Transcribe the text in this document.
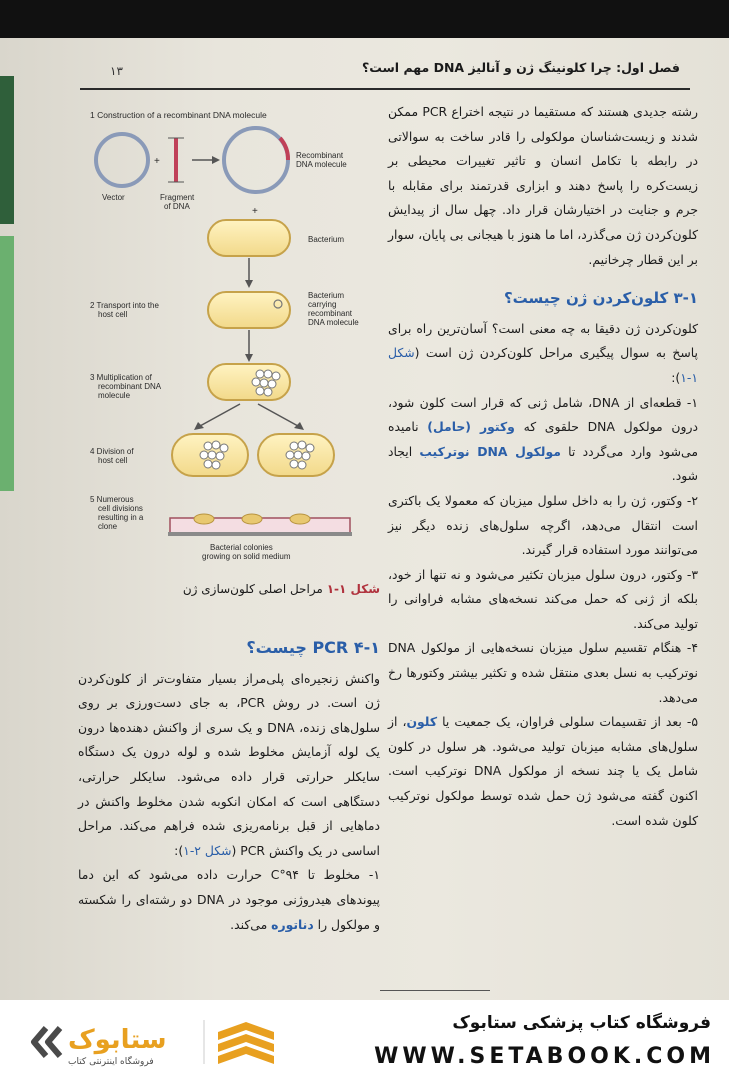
فصل اول: چرا کلونینگ ژن و آنالیز DNA مهم است؟
۱۳
1 Construction of a recombinant DNA molecule
+
Vector	Fragment of DNA
Recombinant DNA molecule
+
Bacterium
2 Transport into the host cell
Bacterium carrying recombinant DNA molecule
3 Multiplication of recombinant DNA molecule
4 Division of host cell
5 Numerous cell divisions resulting in a clone
Bacterial colonies growing on solid medium
شکل ۱-۱ مراحل اصلی کلون‌سازی ژن

رشته جدیدی هستند که مستقیما در نتیجه اختراع PCR ممکن شدند و زیست‌شناسان مولکولی را قادر ساخت به سوالاتی در رابطه با تکامل انسان و تاثیر تغییرات محیطی بر زیست‌کره را پاسخ دهند و ابزاری قدرتمند برای مقابله با جرم و جنایت در اختیارشان قرار داد. چهل سال از پیدایش کلون‌کردن ژن می‌گذرد، اما ما هنوز با هیجانی بی پایان، سوار بر این قطار چرخانیم.

۳-۱ کلون‌کردن ژن چیست؟

کلون‌کردن ژن دقیقا به چه معنی است؟ آسان‌ترین راه برای پاسخ به سوال پیگیری مراحل کلون‌کردن ژن است (شکل ۱-۱):

۱- قطعه‌ای از DNA، شامل ژنی که قرار است کلون شود، درون مولکول DNA حلقوی که وکتور (حامل) نامیده می‌شود وارد می‌گردد تا مولکول DNA نوترکیب ایجاد شود.

۲- وکتور، ژن را به داخل سلول میزبان که معمولا یک باکتری است انتقال می‌دهد، اگرچه سلول‌های زنده دیگر نیز می‌توانند مورد استفاده قرار گیرند.

۳- وکتور، درون سلول میزبان تکثیر می‌شود و نه تنها از خود، بلکه از ژنی که حمل می‌کند نسخه‌های مشابه فراوانی را تولید می‌کند.

۴- هنگام تقسیم سلول میزبان نسخه‌هایی از مولکول DNA نوترکیب به نسل بعدی منتقل شده و تکثیر بیشتر وکتورها رخ می‌دهد.

۵- بعد از تقسیمات سلولی فراوان، یک جمعیت یا کلون، از سلول‌های مشابه میزبان تولید می‌شود. هر سلول در کلون شامل یک یا چند نسخه از مولکول DNA نوترکیب است. اکنون گفته می‌شود ژن حمل شده توسط مولکول نوترکیب کلون شده است.

۴-۱ PCR چیست؟

واکنش زنجیره‌ای پلی‌مراز بسیار متفاوت‌تر از کلون‌کردن ژن است. در روش PCR، به جای دست‌ورزی بر روی سلول‌های زنده، DNA و یک سری از واکنش دهنده‌ها درون یک لوله آزمایش مخلوط شده و لوله درون یک دستگاه سایکلر حرارتی قرار داده می‌شود. سایکلر حرارتی، دستگاهی است که امکان انکوبه شدن مخلوط واکنش در دماهایی از قبل برنامه‌ریزی شده فراهم می‌کند. مراحل اساسی در یک واکنش PCR (شکل ۲-۱):

۱- مخلوط تا ۹۴°C حرارت داده می‌شود که این دما پیوندهای هیدروژنی موجود در DNA دو رشته‌ای را شکسته و مولکول را دناتوره می‌کند.

فروشگاه کتاب پزشکی ستابوک
WWW.SETABOOK.COM
ستابوک
فروشگاه اینترنتی کتاب
